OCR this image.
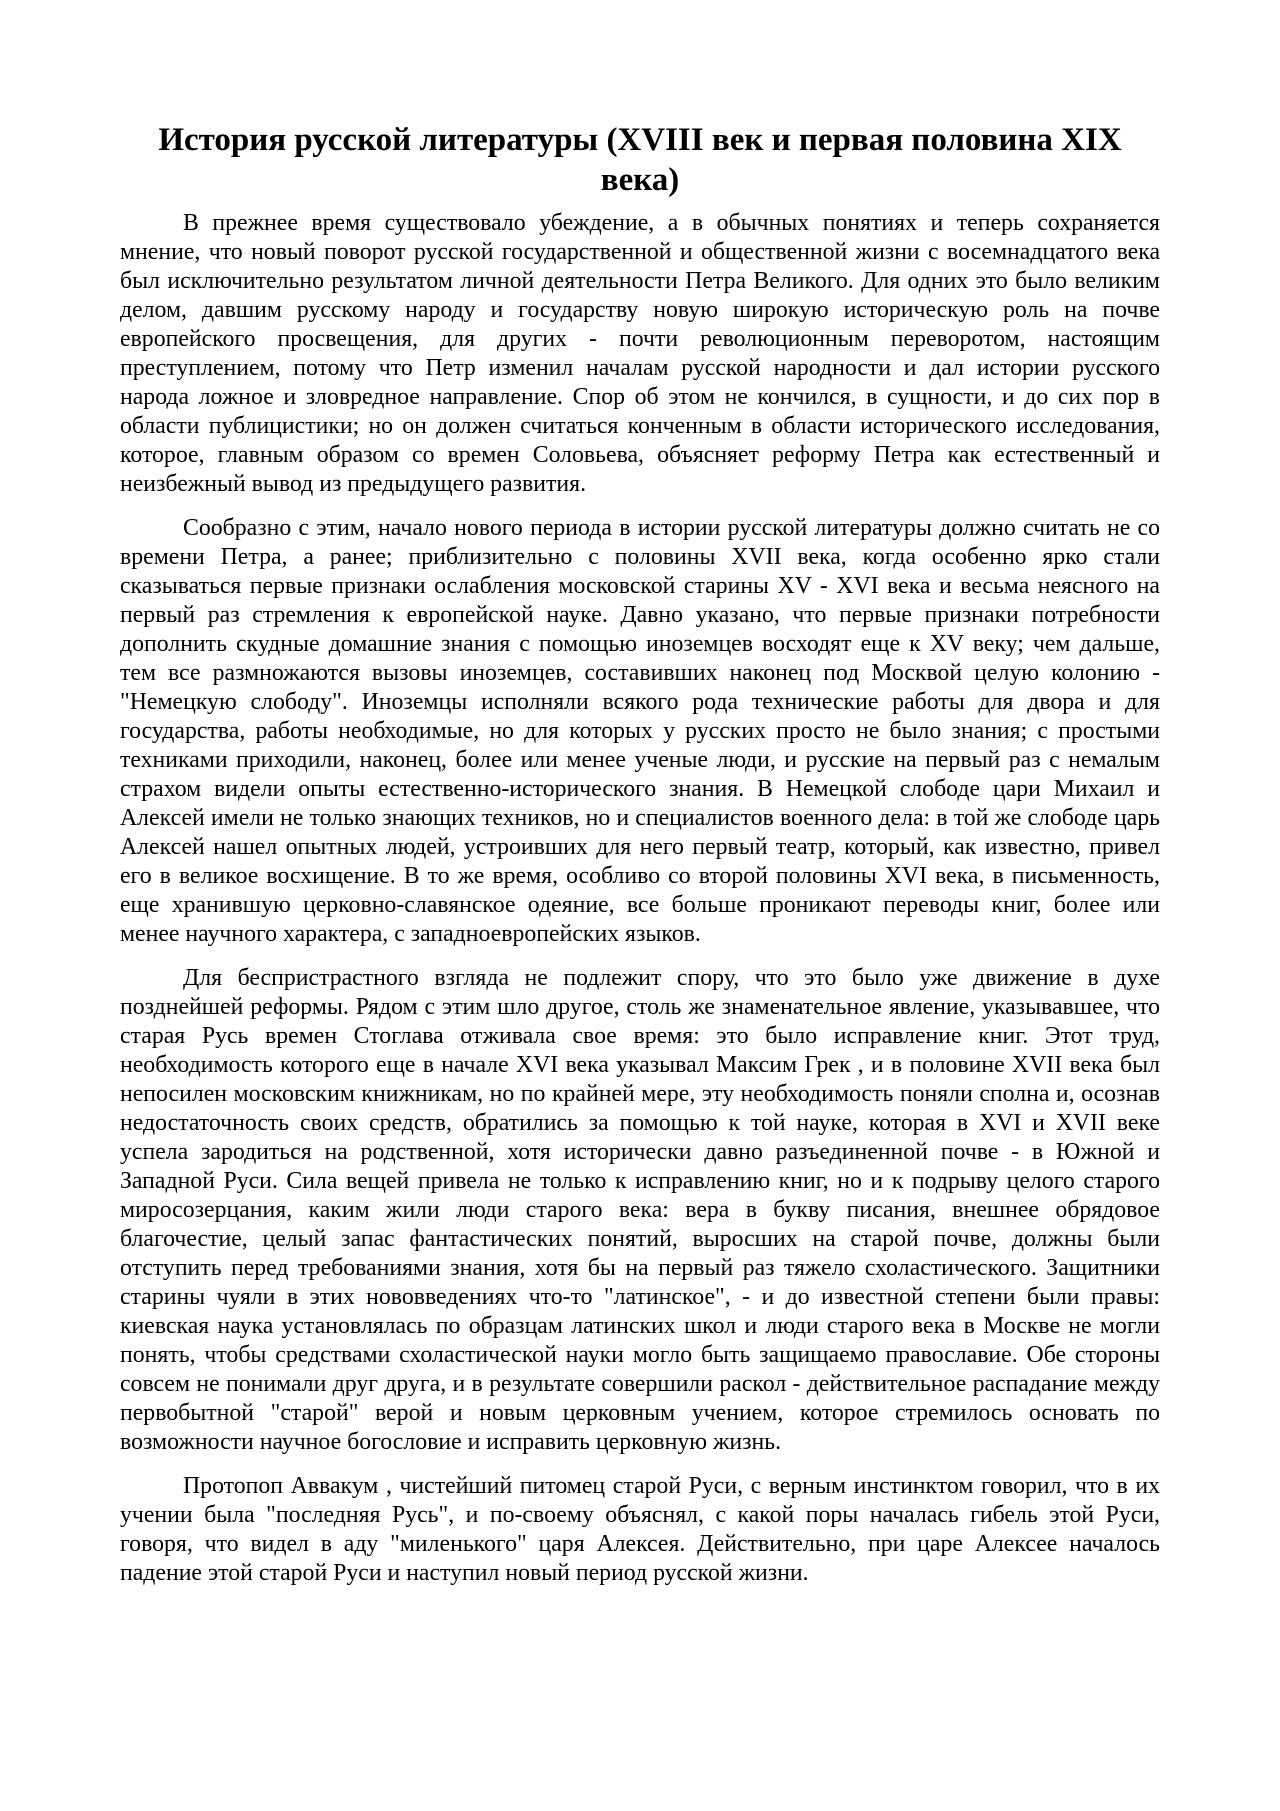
История русской литературы (XVIII век и первая половина XIX века)

В прежнее время существовало убеждение, а в обычных понятиях и теперь сохраняется мнение, что новый поворот русской государственной и общественной жизни с восемнадцатого века был исключительно результатом личной деятельности Петра Великого. Для одних это было великим делом, давшим русскому народу и государству новую широкую историческую роль на почве европейского просвещения, для других - почти революционным переворотом, настоящим преступлением, потому что Петр изменил началам русской народности и дал истории русского народа ложное и зловредное направление. Спор об этом не кончился, в сущности, и до сих пор в области публицистики; но он должен считаться конченным в области исторического исследования, которое, главным образом со времен Соловьева, объясняет реформу Петра как естественный и неизбежный вывод из предыдущего развития.

Сообразно с этим, начало нового периода в истории русской литературы должно считать не со времени Петра, а ранее; приблизительно с половины XVII века, когда особенно ярко стали сказываться первые признаки ослабления московской старины XV - XVI века и весьма неясного на первый раз стремления к европейской науке. Давно указано, что первые признаки потребности дополнить скудные домашние знания с помощью иноземцев восходят еще к XV веку; чем дальше, тем все размножаются вызовы иноземцев, составивших наконец под Москвой целую колонию - "Немецкую слободу". Иноземцы исполняли всякого рода технические работы для двора и для государства, работы необходимые, но для которых у русских просто не было знания; с простыми техниками приходили, наконец, более или менее ученые люди, и русские на первый раз с немалым страхом видели опыты естественно-исторического знания. В Немецкой слободе цари Михаил и Алексей имели не только знающих техников, но и специалистов военного дела: в той же слободе царь Алексей нашел опытных людей, устроивших для него первый театр, который, как известно, привел его в великое восхищение. В то же время, особливо со второй половины XVI века, в письменность, еще хранившую церковно-славянское одеяние, все больше проникают переводы книг, более или менее научного характера, с западноевропейских языков.

Для беспристрастного взгляда не подлежит спору, что это было уже движение в духе позднейшей реформы. Рядом с этим шло другое, столь же знаменательное явление, указывавшее, что старая Русь времен Стоглава отживала свое время: это было исправление книг. Этот труд, необходимость которого еще в начале XVI века указывал Максим Грек , и в половине XVII века был непосилен московским книжникам, но по крайней мере, эту необходимость поняли сполна и, осознав недостаточность своих средств, обратились за помощью к той науке, которая в XVI и XVII веке успела зародиться на родственной, хотя исторически давно разъединенной почве - в Южной и Западной Руси. Сила вещей привела не только к исправлению книг, но и к подрыву целого старого миросозерцания, каким жили люди старого века: вера в букву писания, внешнее обрядовое благочестие, целый запас фантастических понятий, выросших на старой почве, должны были отступить перед требованиями знания, хотя бы на первый раз тяжело схоластического. Защитники старины чуяли в этих нововведениях что-то "латинское", - и до известной степени были правы: киевская наука установлялась по образцам латинских школ и люди старого века в Москве не могли понять, чтобы средствами схоластической науки могло быть защищаемо православие. Обе стороны совсем не понимали друг друга, и в результате совершили раскол - действительное распадание между первобытной "старой" верой и новым церковным учением, которое стремилось основать по возможности научное богословие и исправить церковную жизнь.

Протопоп Аввакум , чистейший питомец старой Руси, с верным инстинктом говорил, что в их учении была "последняя Русь", и по-своему объяснял, с какой поры началась гибель этой Руси, говоря, что видел в аду "миленького" царя Алексея. Действительно, при царе Алексее началось падение этой старой Руси и наступил новый период русской жизни.
